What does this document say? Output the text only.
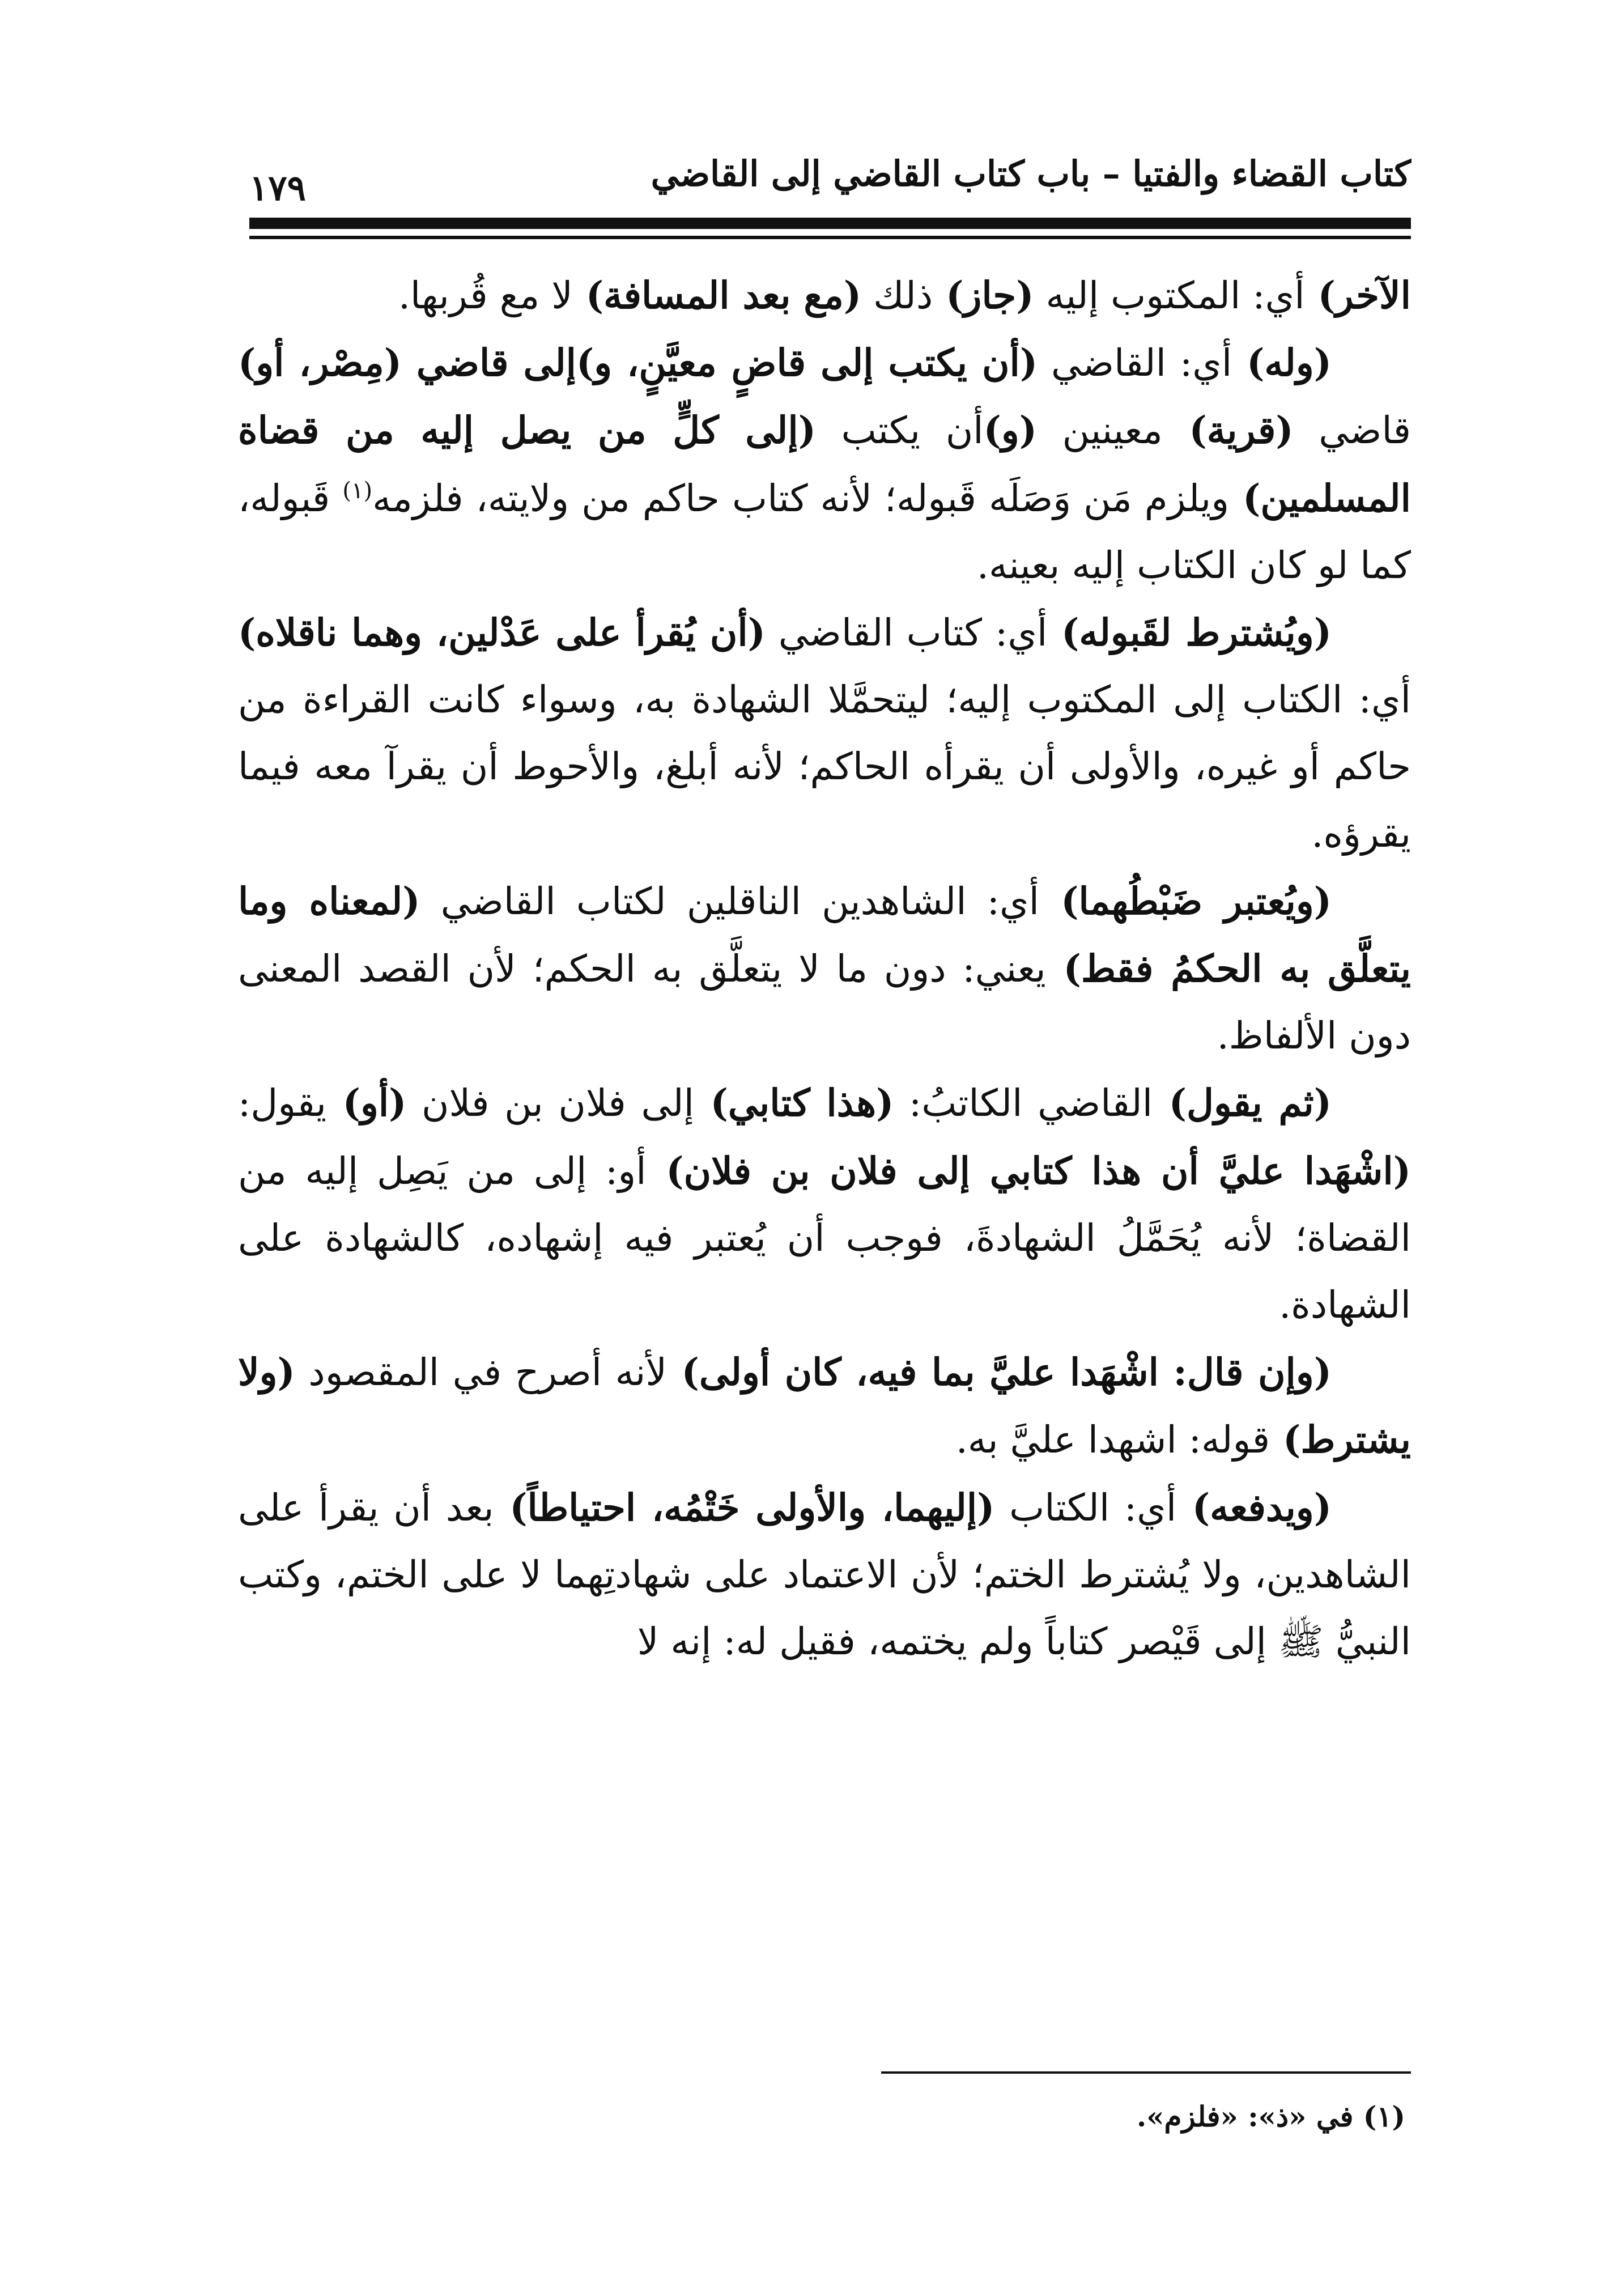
كتاب القضاء والفتيا – باب كتاب القاضي إلى القاضي
١٧٩

الآخر) أي: المكتوب إليه (جاز) ذلك (مع بعد المسافة) لا مع قُربها.

(وله) أي: القاضي (أن يكتب إلى قاضٍ معيَّنٍ، و)إلى قاضي (مِصْر، أو) قاضي (قرية) معينين (و)أن يكتب (إلى كلٍّ من يصل إليه من قضاة المسلمين) ويلزم مَن وَصَلَه قَبوله؛ لأنه كتاب حاكم من ولايته، فلزمه$^{(١)}$ قَبوله، كما لو كان الكتاب إليه بعينه.

(ويُشترط لقَبوله) أي: كتاب القاضي (أن يُقرأ على عَدْلين، وهما ناقلاه) أي: الكتاب إلى المكتوب إليه؛ ليتحمَّلا الشهادة به، وسواء كانت القراءة من حاكم أو غيره، والأولى أن يقرأه الحاكم؛ لأنه أبلغ، والأحوط أن يقرآ معه فيما يقرؤه.

(ويُعتبر ضَبْطُهما) أي: الشاهدين الناقلين لكتاب القاضي (لمعناه وما يتعلَّق به الحكمُ فقط) يعني: دون ما لا يتعلَّق به الحكم؛ لأن القصد المعنى دون الألفاظ.

(ثم يقول) القاضي الكاتبُ: (هذا كتابي) إلى فلان بن فلان (أو) يقول: (اشْهَدا عليَّ أن هذا كتابي إلى فلان بن فلان) أو: إلى من يَصِل إليه من القضاة؛ لأنه يُحَمَّلُ الشهادةَ، فوجب أن يُعتبر فيه إشهاده، كالشهادة على الشهادة.

(وإن قال: اشْهَدا عليَّ بما فيه، كان أولى) لأنه أصرح في المقصود (ولا يشترط) قوله: اشهدا عليَّ به.

(ويدفعه) أي: الكتاب (إليهما، والأولى خَتْمُه، احتياطاً) بعد أن يقرأ على الشاهدين، ولا يُشترط الختم؛ لأن الاعتماد على شهادتِهما لا على الختم، وكتب النبيُّ ﷺ إلى قَيْصر كتاباً ولم يختمه، فقيل له: إنه لا

(١) في «ذ»: «فلزم».
